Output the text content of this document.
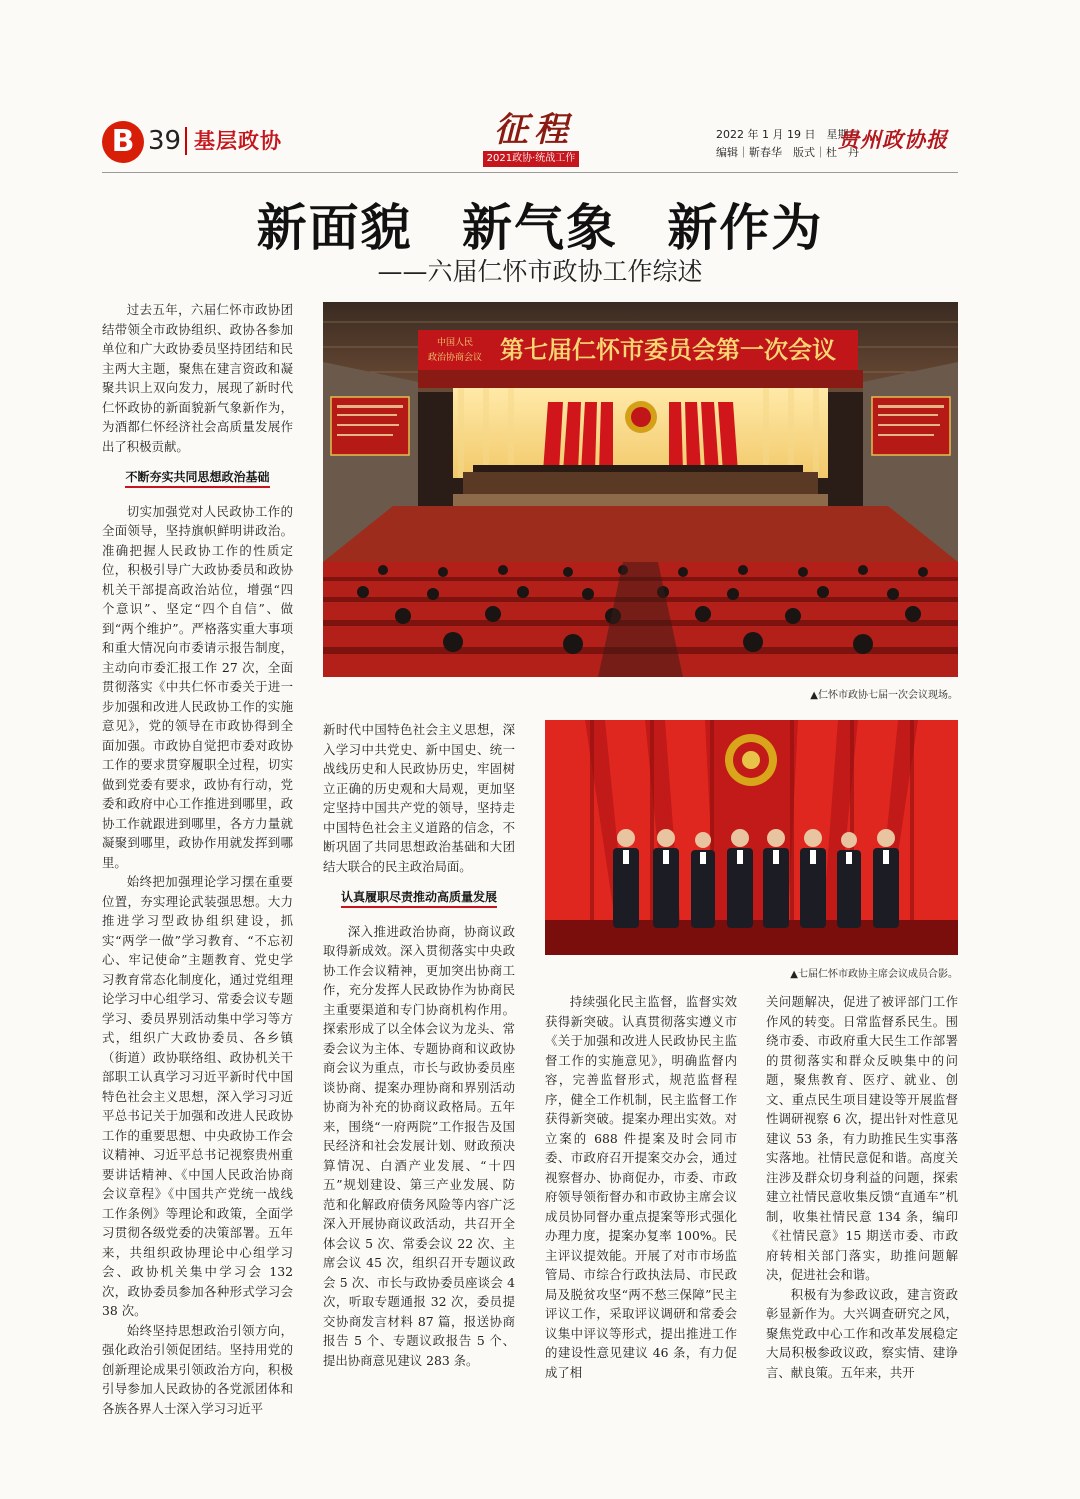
B 39 基层政协	征程
2021政协·统战工作
2022 年 1 月 19 日　星期三
编辑｜靳春华　版式｜杜　丹
贵州政协报
新面貌 新气象 新作为
——六届仁怀市政协工作综述

过去五年，六届仁怀市政协团结带领全市政协组织、政协各参加单位和广大政协委员坚持团结和民主两大主题，聚焦在建言资政和凝聚共识上双向发力，展现了新时代仁怀政协的新面貌新气象新作为，为酒都仁怀经济社会高质量发展作出了积极贡献。

不断夯实共同思想政治基础

切实加强党对人民政协工作的全面领导，坚持旗帜鲜明讲政治。准确把握人民政协工作的性质定位，积极引导广大政协委员和政协机关干部提高政治站位，增强“四个意识”、坚定“四个自信”、做到“两个维护”。严格落实重大事项和重大情况向市委请示报告制度，主动向市委汇报工作 27 次，全面贯彻落实《中共仁怀市委关于进一步加强和改进人民政协工作的实施意见》，党的领导在市政协得到全面加强。市政协自觉把市委对政协工作的要求贯穿履职全过程，切实做到党委有要求，政协有行动，党委和政府中心工作推进到哪里，政协工作就跟进到哪里，各方力量就凝聚到哪里，政协作用就发挥到哪里。

始终把加强理论学习摆在重要位置，夯实理论武装强思想。大力推进学习型政协组织建设，抓实“两学一做”学习教育、“不忘初心、牢记使命”主题教育、党史学习教育常态化制度化，通过党组理论学习中心组学习、常委会议专题学习、委员界别活动集中学习等方式，组织广大政协委员、各乡镇（街道）政协联络组、政协机关干部职工认真学习习近平新时代中国特色社会主义思想，深入学习习近平总书记关于加强和改进人民政协工作的重要思想、中央政协工作会议精神、习近平总书记视察贵州重要讲话精神、《中国人民政治协商会议章程》《中国共产党统一战线工作条例》等理论和政策，全面学习贯彻各级党委的决策部署。五年来，共组织政协理论中心组学习会、政协机关集中学习会 132 次，政协委员参加各种形式学习会 38 次。

始终坚持思想政治引领方向，强化政治引领促团结。坚持用党的创新理论成果引领政治方向，积极引导参加人民政协的各党派团体和各族各界人士深入学习习近平

中国人民
政治协商会议 第七届仁怀市委员会第一次会议
▲仁怀市政协七届一次会议现场。

新时代中国特色社会主义思想，深入学习中共党史、新中国史、统一战线历史和人民政协历史，牢固树立正确的历史观和大局观，更加坚定坚持中国共产党的领导，坚持走中国特色社会主义道路的信念，不断巩固了共同思想政治基础和大团结大联合的民主政治局面。

认真履职尽责推动高质量发展

深入推进政治协商，协商议政取得新成效。深入贯彻落实中央政协工作会议精神，更加突出协商工作，充分发挥人民政协作为协商民主重要渠道和专门协商机构作用。探索形成了以全体会议为龙头、常委会议为主体、专题协商和议政协商会议为重点，市长与政协委员座谈协商、提案办理协商和界别活动协商为补充的协商议政格局。五年来，围绕“一府两院”工作报告及国民经济和社会发展计划、财政预决算情况、白酒产业发展、“十四五”规划建设、第三产业发展、防范和化解政府债务风险等内容广泛深入开展协商议政活动，共召开全体会议 5 次、常委会议 22 次、主席会议 45 次，组织召开专题议政会 5 次、市长与政协委员座谈会 4 次，听取专题通报 32 次，委员提交协商发言材料 87 篇，报送协商报告 5 个、专题议政报告 5 个、提出协商意见建议 283 条。

▲七届仁怀市政协主席会议成员合影。

持续强化民主监督，监督实效获得新突破。认真贯彻落实遵义市《关于加强和改进人民政协民主监督工作的实施意见》，明确监督内容，完善监督形式，规范监督程序，健全工作机制，民主监督工作获得新突破。提案办理出实效。对立案的 688 件提案及时会同市委、市政府召开提案交办会，通过视察督办、协商促办，市委、市政府领导领衔督办和市政协主席会议成员协同督办重点提案等形式强化办理力度，提案办复率 100%。民主评议提效能。开展了对市市场监管局、市综合行政执法局、市民政局及脱贫攻坚“两不愁三保障”民主评议工作，采取评议调研和常委会议集中评议等形式，提出推进工作的建设性意见建议 46 条，有力促成了相

关问题解决，促进了被评部门工作作风的转变。日常监督系民生。围绕市委、市政府重大民生工作部署的贯彻落实和群众反映集中的问题，聚焦教育、医疗、就业、创文、重点民生项目建设等开展监督性调研视察 6 次，提出针对性意见建议 53 条，有力助推民生实事落实落地。社情民意促和谐。高度关注涉及群众切身利益的问题，探索建立社情民意收集反馈“直通车”机制，收集社情民意 134 条，编印《社情民意》15 期送市委、市政府转相关部门落实，助推问题解决，促进社会和谐。

积极有为参政议政，建言资政彰显新作为。大兴调查研究之风，聚焦党政中心工作和改革发展稳定大局积极参政议政，察实情、建诤言、献良策。五年来，共开
